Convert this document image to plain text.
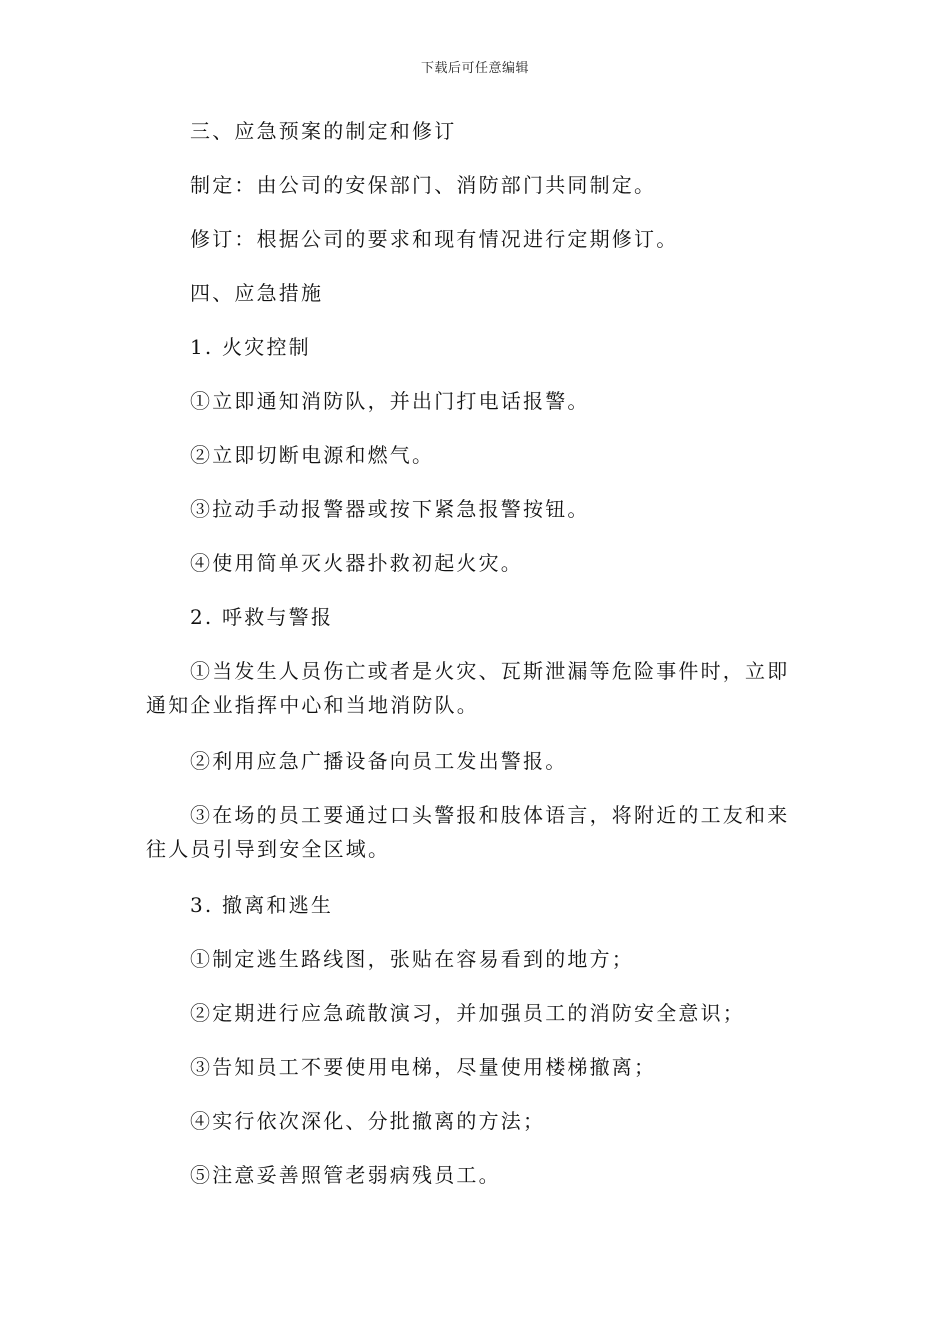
下载后可任意编辑

三、应急预案的制定和修订

制定：由公司的安保部门、消防部门共同制定。

修订：根据公司的要求和现有情况进行定期修订。

四、应急措施

1. 火灾控制

①立即通知消防队，并出门打电话报警。

②立即切断电源和燃气。

③拉动手动报警器或按下紧急报警按钮。

④使用简单灭火器扑救初起火灾。

2. 呼救与警报

①当发生人员伤亡或者是火灾、瓦斯泄漏等危险事件时，立即通知企业指挥中心和当地消防队。

②利用应急广播设备向员工发出警报。

③在场的员工要通过口头警报和肢体语言，将附近的工友和来往人员引导到安全区域。

3. 撤离和逃生

①制定逃生路线图，张贴在容易看到的地方；

②定期进行应急疏散演习，并加强员工的消防安全意识；

③告知员工不要使用电梯，尽量使用楼梯撤离；

④实行依次深化、分批撤离的方法；

⑤注意妥善照管老弱病残员工。
